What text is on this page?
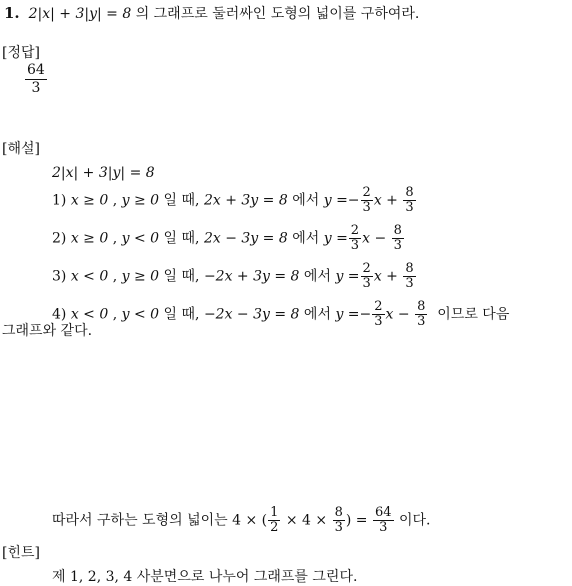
1. 2|x| + 3|y| = 8 의 그래프로 둘러싸인 도형의 넓이를 구하여라.
[정답]
$\frac{64}{3}$
[해설]
2|x| + 3|y| = 8
1) x ≥ 0 , y ≥ 0 일 때, 2x + 3y = 8 에서 $y =- \frac{2}{3}$ $x + \frac{8}{3}$
2) x ≥ 0 , y < 0 일 때, 2x − 3y = 8 에서 $y = \frac{2}{3}$ $x - \frac{8}{3}$
3) x < 0 , y ≥ 0 일 때, −2x + 3y = 8 에서 $y = \frac{2}{3}$ $x + \frac{8}{3}$
4) x < 0 , y < 0 일 때, −2x − 3y = 8 에서 $y =- \frac{2}{3}$ $x - \frac{8}{3}$ 이므로 다음
그래프와 같다.
따라서 구하는 도형의 넓이는 4 × ( $\frac{1}{2} \times 4 \times \frac{8}{3}$ ) = $\frac{64}{3}$ 이다.
[힌트]
제 1, 2, 3, 4 사분면으로 나누어 그래프를 그린다.
